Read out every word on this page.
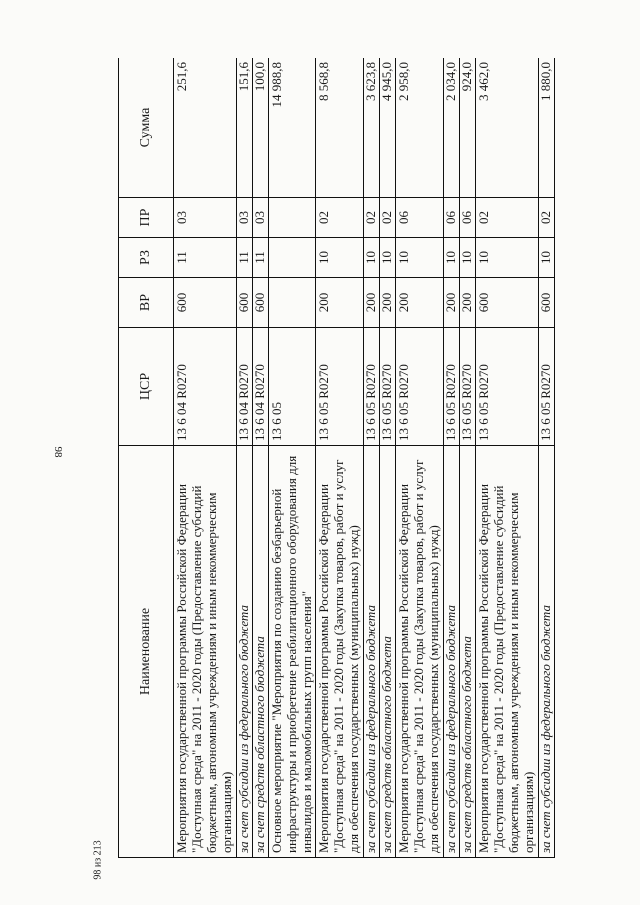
98
Наименование	ЦСР	ВР	РЗ	ПР	Сумма
Мероприятия государственной программы Российской Федерации "Доступная среда" на 2011 - 2020 годы (Предоставление субсидий бюджетным, автономным учреждениям и иным некоммерческим организациям)	13 6 04 R0270	600	11	03	251,6
за счет субсидии из федерального бюджета	13 6 04 R0270	600	11	03	151,6
за счет средств областного бюджета	13 6 04 R0270	600	11	03	100,0
Основное мероприятие "Мероприятия по созданию безбарьерной инфраструктуры и приобретение реабилитационного оборудования для инвалидов и маломобильных групп населения"	13 6 05				14 988,8
Мероприятия государственной программы Российской Федерации "Доступная среда" на 2011 - 2020 годы (Закупка товаров, работ и услуг для обеспечения государственных (муниципальных) нужд)	13 6 05 R0270	200	10	02	8 568,8
за счет субсидии из федерального бюджета	13 6 05 R0270	200	10	02	3 623,8
за счет средств областного бюджета	13 6 05 R0270	200	10	02	4 945,0
Мероприятия государственной программы Российской Федерации "Доступная среда" на 2011 - 2020 годы (Закупка товаров, работ и услуг для обеспечения государственных (муниципальных) нужд)	13 6 05 R0270	200	10	06	2 958,0
за счет субсидии из федерального бюджета	13 6 05 R0270	200	10	06	2 034,0
за счет средств областного бюджета	13 6 05 R0270	200	10	06	924,0
Мероприятия государственной программы Российской Федерации "Доступная среда" на 2011 - 2020 годы (Предоставление субсидий бюджетным, автономным учреждениям и иным некоммерческим организациям)	13 6 05 R0270	600	10	02	3 462,0
за счет субсидии из федерального бюджета	13 6 05 R0270	600	10	02	1 880,0
98 из 213
